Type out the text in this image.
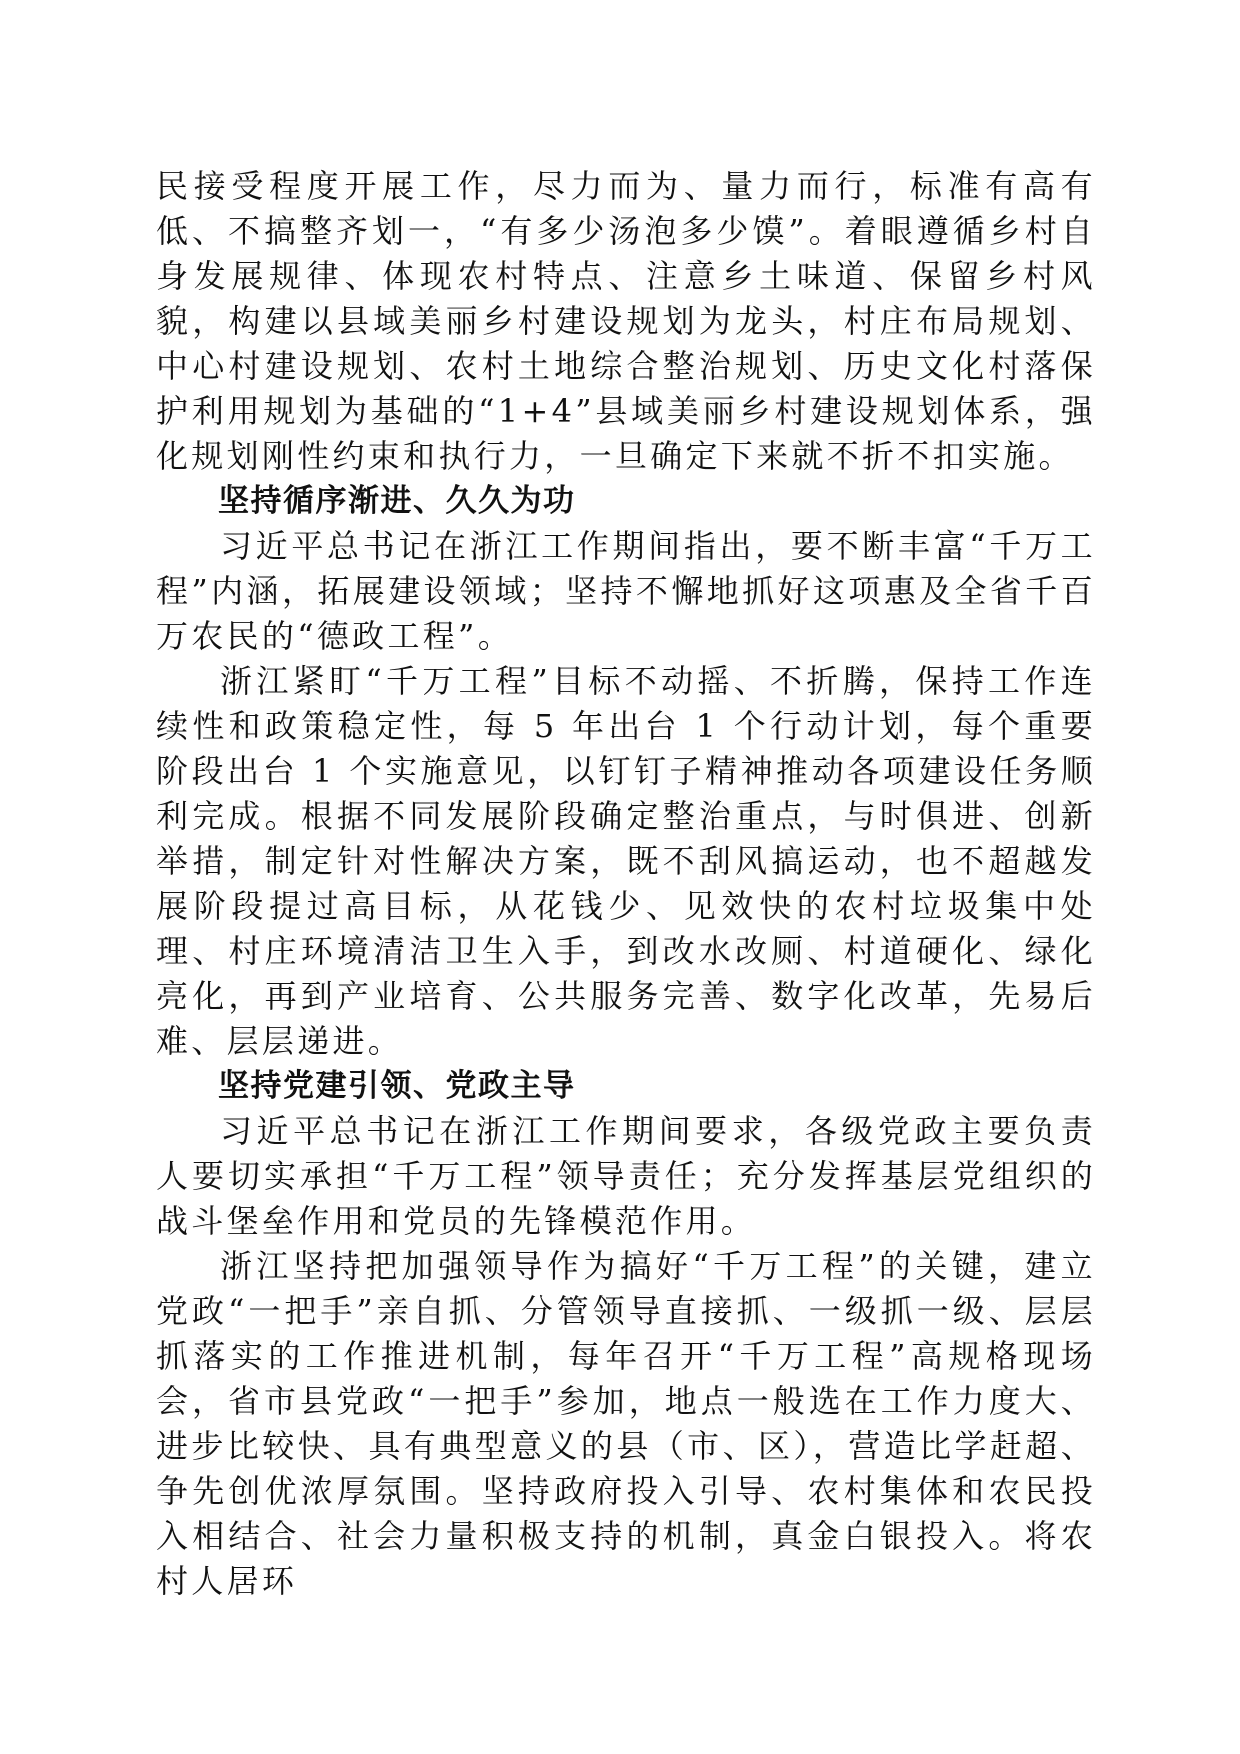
民接受程度开展工作，尽力而为、量力而行，标准有高有低、不搞整齐划一，“有多少汤泡多少馍”。着眼遵循乡村自身发展规律、体现农村特点、注意乡土味道、保留乡村风貌，构建以县域美丽乡村建设规划为龙头，村庄布局规划、中心村建设规划、农村土地综合整治规划、历史文化村落保护利用规划为基础的“1+4”县域美丽乡村建设规划体系，强化规划刚性约束和执行力，一旦确定下来就不折不扣实施。

坚持循序渐进、久久为功

习近平总书记在浙江工作期间指出，要不断丰富“千万工程”内涵，拓展建设领域；坚持不懈地抓好这项惠及全省千百万农民的“德政工程”。

浙江紧盯“千万工程”目标不动摇、不折腾，保持工作连续性和政策稳定性，每 5 年出台 1 个行动计划，每个重要阶段出台 1 个实施意见，以钉钉子精神推动各项建设任务顺利完成。根据不同发展阶段确定整治重点，与时俱进、创新举措，制定针对性解决方案，既不刮风搞运动，也不超越发展阶段提过高目标，从花钱少、见效快的农村垃圾集中处理、村庄环境清洁卫生入手，到改水改厕、村道硬化、绿化亮化，再到产业培育、公共服务完善、数字化改革，先易后难、层层递进。

坚持党建引领、党政主导

习近平总书记在浙江工作期间要求，各级党政主要负责人要切实承担“千万工程”领导责任；充分发挥基层党组织的战斗堡垒作用和党员的先锋模范作用。

浙江坚持把加强领导作为搞好“千万工程”的关键，建立党政“一把手”亲自抓、分管领导直接抓、一级抓一级、层层抓落实的工作推进机制，每年召开“千万工程”高规格现场会，省市县党政“一把手”参加，地点一般选在工作力度大、进步比较快、具有典型意义的县（市、区），营造比学赶超、争先创优浓厚氛围。坚持政府投入引导、农村集体和农民投入相结合、社会力量积极支持的机制，真金白银投入。将农村人居环
